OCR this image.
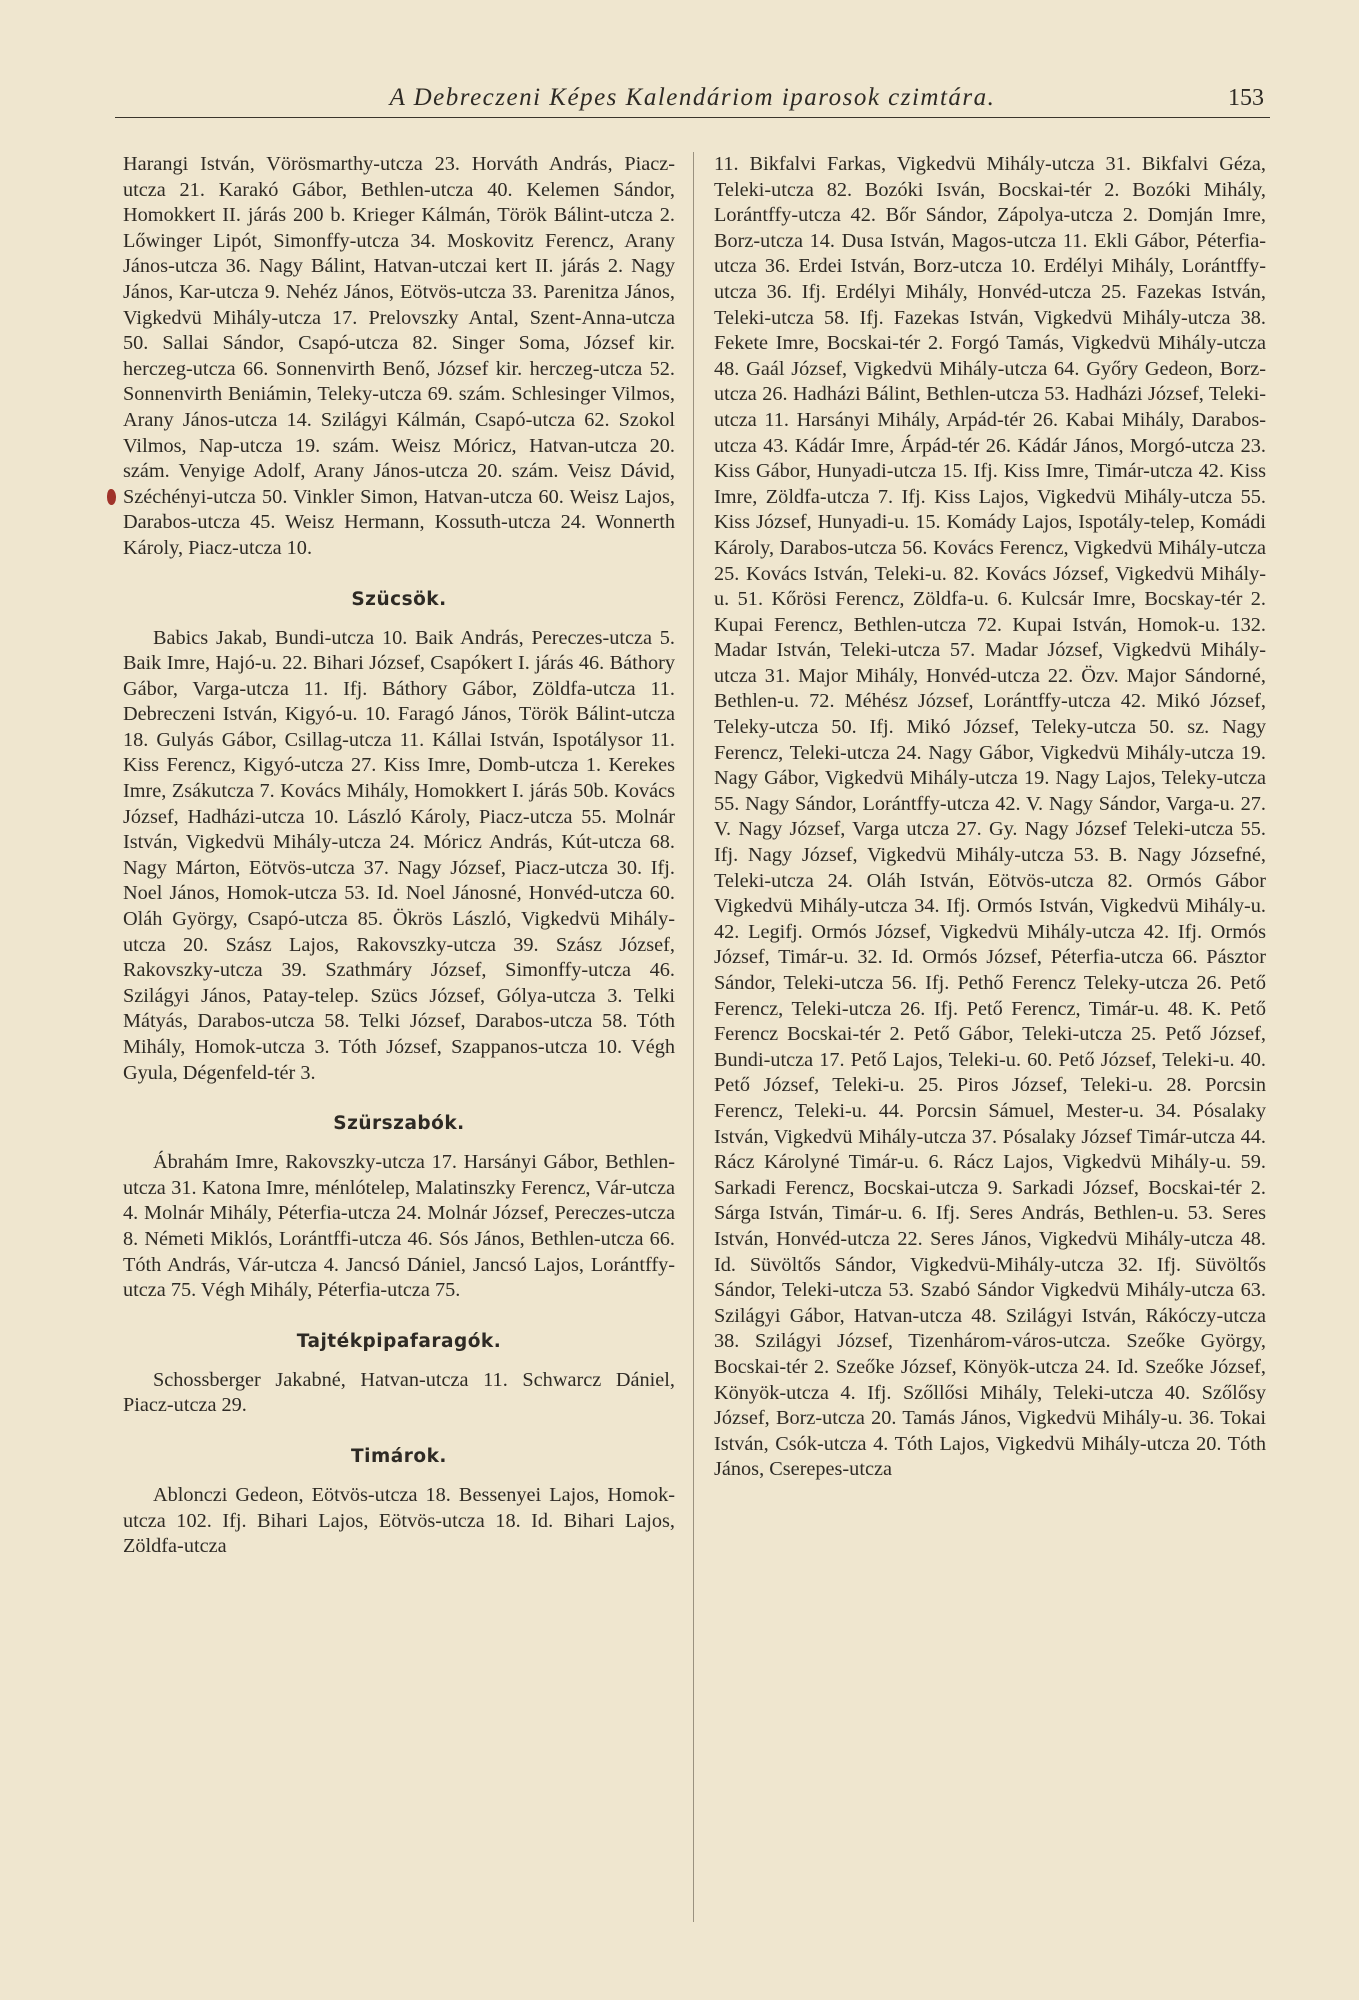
A Debreczeni Képes Kalendáriom iparosok czimtára.	153

Harangi István, Vörösmarthy-utcza 23. Horváth András, Piacz-utcza 21. Karakó Gábor, Bethlen-utcza 40. Kelemen Sándor, Homokkert II. járás 200 b. Krieger Kálmán, Török Bálint-utcza 2. Lőwinger Lipót, Simonffy-utcza 34. Moskovitz Ferencz, Arany János-utcza 36. Nagy Bálint, Hatvan-utczai kert II. járás 2. Nagy János, Kar-utcza 9. Nehéz János, Eötvös-utcza 33. Parenitza János, Vigkedvü Mihály-utcza 17. Prelovszky Antal, Szent-Anna-utcza 50. Sallai Sándor, Csapó-utcza 82. Singer Soma, József kir. herczeg-utcza 66. Sonnenvirth Benő, József kir. herczeg-utcza 52. Sonnenvirth Beniámin, Teleky-utcza 69. szám. Schlesinger Vilmos, Arany János-utcza 14. Szilágyi Kálmán, Csapó-utcza 62. Szokol Vilmos, Nap-utcza 19. szám. Weisz Móricz, Hatvan-utcza 20. szám. Venyige Adolf, Arany János-utcza 20. szám. Veisz Dávid, Széchényi-utcza 50. Vinkler Simon, Hatvan-utcza 60. Weisz Lajos, Darabos-utcza 45. Weisz Hermann, Kossuth-utcza 24. Wonnerth Károly, Piacz-utcza 10.

Szücsök.

Babics Jakab, Bundi-utcza 10. Baik András, Pereczes-utcza 5. Baik Imre, Hajó-u. 22. Bihari József, Csapókert I. járás 46. Báthory Gábor, Varga-utcza 11. Ifj. Báthory Gábor, Zöldfa-utcza 11. Debreczeni István, Kigyó-u. 10. Faragó János, Török Bálint-utcza 18. Gulyás Gábor, Csillag-utcza 11. Kállai István, Ispotálysor 11. Kiss Ferencz, Kigyó-utcza 27. Kiss Imre, Domb-utcza 1. Kerekes Imre, Zsákutcza 7. Kovács Mihály, Homokkert I. járás 50b. Kovács József, Hadházi-utcza 10. László Károly, Piacz-utcza 55. Molnár István, Vigkedvü Mihály-utcza 24. Móricz András, Kút-utcza 68. Nagy Márton, Eötvös-utcza 37. Nagy József, Piacz-utcza 30. Ifj. Noel János, Homok-utcza 53. Id. Noel Jánosné, Honvéd-utcza 60. Oláh György, Csapó-utcza 85. Ökrös László, Vigkedvü Mihály-utcza 20. Szász Lajos, Rakovszky-utcza 39. Szász József, Rakovszky-utcza 39. Szathmáry József, Simonffy-utcza 46. Szilágyi János, Patay-telep. Szücs József, Gólya-utcza 3. Telki Mátyás, Darabos-utcza 58. Telki József, Darabos-utcza 58. Tóth Mihály, Homok-utcza 3. Tóth József, Szappanos-utcza 10. Végh Gyula, Dégenfeld-tér 3.

Szürszabók.

Ábrahám Imre, Rakovszky-utcza 17. Harsányi Gábor, Bethlen-utcza 31. Katona Imre, ménlótelep, Malatinszky Ferencz, Vár-utcza 4. Molnár Mihály, Péterfia-utcza 24. Molnár József, Pereczes-utcza 8. Németi Miklós, Lorántffi-utcza 46. Sós János, Bethlen-utcza 66. Tóth András, Vár-utcza 4. Jancsó Dániel, Jancsó Lajos, Lorántffy-utcza 75. Végh Mihály, Péterfia-utcza 75.

Tajtékpipafaragók.

Schossberger Jakabné, Hatvan-utcza 11. Schwarcz Dániel, Piacz-utcza 29.

Timárok.

Ablonczi Gedeon, Eötvös-utcza 18. Bessenyei Lajos, Homok-utcza 102. Ifj. Bihari Lajos, Eötvös-utcza 18. Id. Bihari Lajos, Zöldfa-utcza

11. Bikfalvi Farkas, Vigkedvü Mihály-utcza 31. Bikfalvi Géza, Teleki-utcza 82. Bozóki Isván, Bocskai-tér 2. Bozóki Mihály, Lorántffy-utcza 42. Bőr Sándor, Zápolya-utcza 2. Domján Imre, Borz-utcza 14. Dusa István, Magos-utcza 11. Ekli Gábor, Péterfia-utcza 36. Erdei István, Borz-utcza 10. Erdélyi Mihály, Lorántffy-utcza 36. Ifj. Erdélyi Mihály, Honvéd-utcza 25. Fazekas István, Teleki-utcza 58. Ifj. Fazekas István, Vigkedvü Mihály-utcza 38. Fekete Imre, Bocskai-tér 2. Forgó Tamás, Vigkedvü Mihály-utcza 48. Gaál József, Vigkedvü Mihály-utcza 64. Győry Gedeon, Borz-utcza 26. Hadházi Bálint, Bethlen-utcza 53. Hadházi József, Teleki-utcza 11. Harsányi Mihály, Arpád-tér 26. Kabai Mihály, Darabos-utcza 43. Kádár Imre, Árpád-tér 26. Kádár János, Morgó-utcza 23. Kiss Gábor, Hunyadi-utcza 15. Ifj. Kiss Imre, Timár-utcza 42. Kiss Imre, Zöldfa-utcza 7. Ifj. Kiss Lajos, Vigkedvü Mihály-utcza 55. Kiss József, Hunyadi-u. 15. Komády Lajos, Ispotály-telep, Komádi Károly, Darabos-utcza 56. Kovács Ferencz, Vigkedvü Mihály-utcza 25. Kovács István, Teleki-u. 82. Kovács József, Vigkedvü Mihály-u. 51. Kőrösi Ferencz, Zöldfa-u. 6. Kulcsár Imre, Bocskay-tér 2. Kupai Ferencz, Bethlen-utcza 72. Kupai István, Homok-u. 132. Madar István, Teleki-utcza 57. Madar József, Vigkedvü Mihály-utcza 31. Major Mihály, Honvéd-utcza 22. Özv. Major Sándorné, Bethlen-u. 72. Méhész József, Lorántffy-utcza 42. Mikó József, Teleky-utcza 50. Ifj. Mikó József, Teleky-utcza 50. sz. Nagy Ferencz, Teleki-utcza 24. Nagy Gábor, Vigkedvü Mihály-utcza 19. Nagy Gábor, Vigkedvü Mihály-utcza 19. Nagy Lajos, Teleky-utcza 55. Nagy Sándor, Lorántffy-utcza 42. V. Nagy Sándor, Varga-u. 27. V. Nagy József, Varga utcza 27. Gy. Nagy József Teleki-utcza 55. Ifj. Nagy József, Vigkedvü Mihály-utcza 53. B. Nagy Józsefné, Teleki-utcza 24. Oláh István, Eötvös-utcza 82. Ormós Gábor Vigkedvü Mihály-utcza 34. Ifj. Ormós István, Vigkedvü Mihály-u. 42. Legifj. Ormós József, Vigkedvü Mihály-utcza 42. Ifj. Ormós József, Timár-u. 32. Id. Ormós József, Péterfia-utcza 66. Pásztor Sándor, Teleki-utcza 56. Ifj. Pethő Ferencz Teleky-utcza 26. Pető Ferencz, Teleki-utcza 26. Ifj. Pető Ferencz, Timár-u. 48. K. Pető Ferencz Bocskai-tér 2. Pető Gábor, Teleki-utcza 25. Pető József, Bundi-utcza 17. Pető Lajos, Teleki-u. 60. Pető József, Teleki-u. 40. Pető József, Teleki-u. 25. Piros József, Teleki-u. 28. Porcsin Ferencz, Teleki-u. 44. Porcsin Sámuel, Mester-u. 34. Pósalaky István, Vigkedvü Mihály-utcza 37. Pósalaky József Timár-utcza 44. Rácz Károlyné Timár-u. 6. Rácz Lajos, Vigkedvü Mihály-u. 59. Sarkadi Ferencz, Bocskai-utcza 9. Sarkadi József, Bocskai-tér 2. Sárga István, Timár-u. 6. Ifj. Seres András, Bethlen-u. 53. Seres István, Honvéd-utcza 22. Seres János, Vigkedvü Mihály-utcza 48. Id. Süvöltős Sándor, Vigkedvü-Mihály-utcza 32. Ifj. Süvöltős Sándor, Teleki-utcza 53. Szabó Sándor Vigkedvü Mihály-utcza 63. Szilágyi Gábor, Hatvan-utcza 48. Szilágyi István, Rákóczy-utcza 38. Szilágyi József, Tizenhárom-város-utcza. Szeőke György, Bocskai-tér 2. Szeőke József, Könyök-utcza 24. Id. Szeőke József, Könyök-utcza 4. Ifj. Szőllősi Mihály, Teleki-utcza 40. Szőlősy József, Borz-utcza 20. Tamás János, Vigkedvü Mihály-u. 36. Tokai István, Csók-utcza 4. Tóth Lajos, Vigkedvü Mihály-utcza 20. Tóth János, Cserepes-utcza
